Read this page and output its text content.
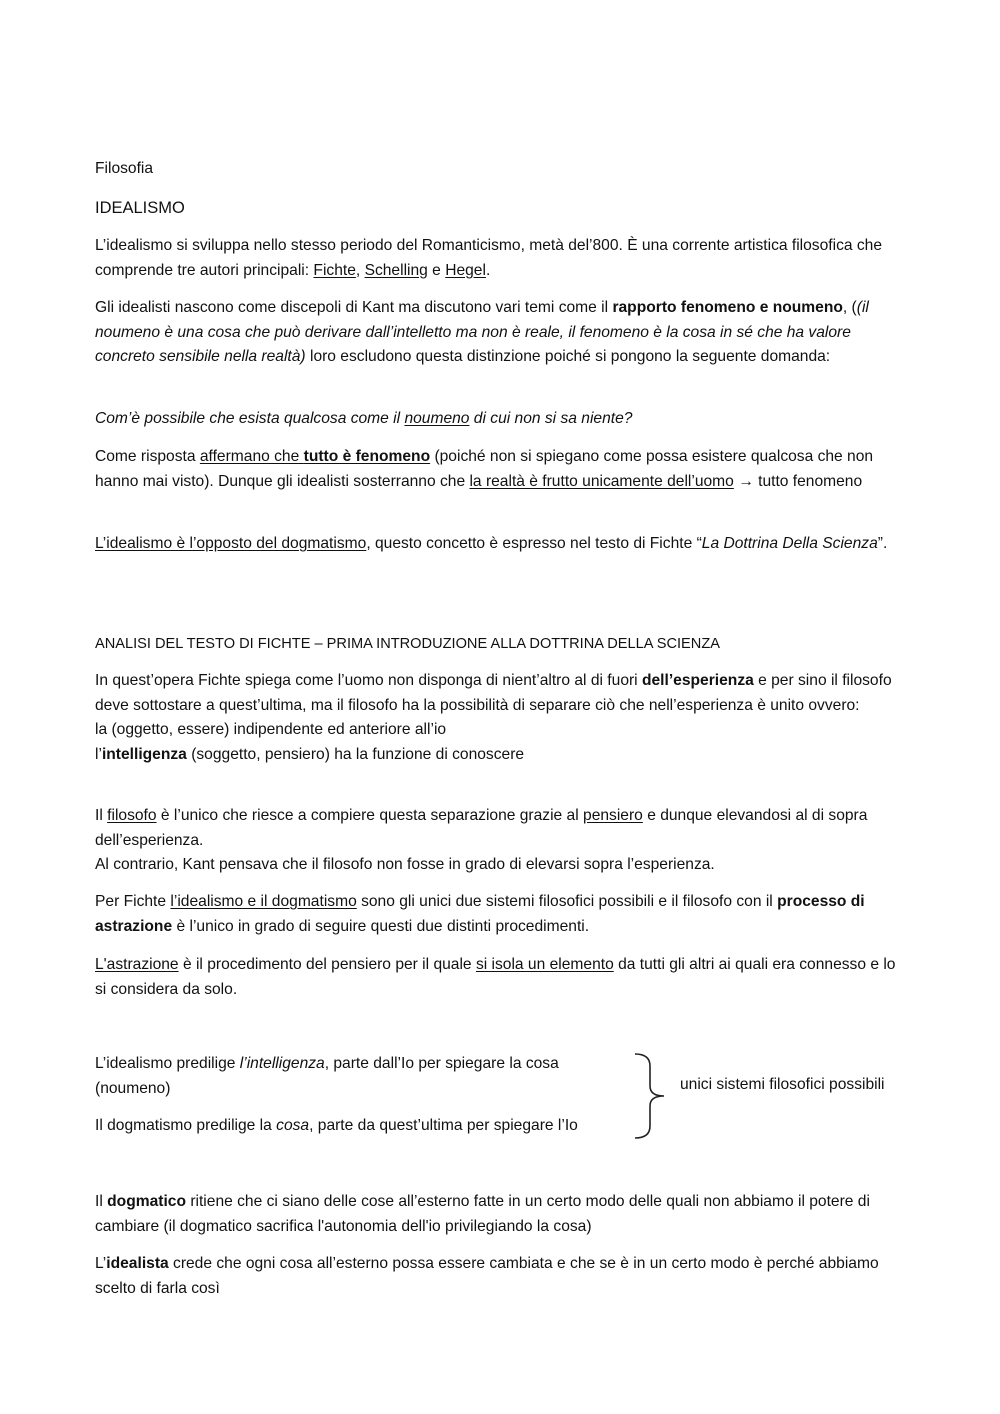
Filosofia

IDEALISMO

L’idealismo si sviluppa nello stesso periodo del Romanticismo, metà del’800. È una corrente artistica filosofica che comprende tre autori principali: Fichte, Schelling e Hegel.

Gli idealisti nascono come discepoli di Kant ma discutono vari temi come il rapporto fenomeno e noumeno, ((il noumeno è una cosa che può derivare dall’intelletto ma non è reale, il fenomeno è la cosa in sé che ha valore concreto sensibile nella realtà) loro escludono questa distinzione poiché si pongono la seguente domanda:

Com’è possibile che esista qualcosa come il noumeno di cui non si sa niente?

Come risposta affermano che tutto è fenomeno (poiché non si spiegano come possa esistere qualcosa che non hanno mai visto). Dunque gli idealisti sosterranno che la realtà è frutto unicamente dell’uomo → tutto fenomeno

L’idealismo è l’opposto del dogmatismo, questo concetto è espresso nel testo di Fichte “La Dottrina Della Scienza”.

ANALISI DEL TESTO DI FICHTE – PRIMA INTRODUZIONE ALLA DOTTRINA DELLA SCIENZA

In quest’opera Fichte spiega come l’uomo non disponga di nient’altro al di fuori dell’esperienza e per sino il filosofo deve sottostare a quest’ultima, ma il filosofo ha la possibilità di separare ciò che nell’esperienza è unito ovvero:
la (oggetto, essere) indipendente ed anteriore all’io
l’intelligenza (soggetto, pensiero) ha la funzione di conoscere
Il filosofo è l’unico che riesce a compiere questa separazione grazie al pensiero e dunque elevandosi al di sopra dell’esperienza.
Al contrario, Kant pensava che il filosofo non fosse in grado di elevarsi sopra l’esperienza.

Per Fichte l’idealismo e il dogmatismo sono gli unici due sistemi filosofici possibili e il filosofo con il processo di astrazione è l’unico in grado di seguire questi due distinti procedimenti.

L'astrazione è il procedimento del pensiero per il quale si isola un elemento da tutti gli altri ai quali era connesso e lo si considera da solo.

L’idealismo predilige l’intelligenza, parte dall’Io per spiegare la cosa (noumeno)

Il dogmatismo predilige la cosa, parte da quest’ultima per spiegare l’Io

unici sistemi filosofici possibili

Il dogmatico ritiene che ci siano delle cose all’esterno fatte in un certo modo delle quali non abbiamo il potere di cambiare (il dogmatico sacrifica l'autonomia dell'io privilegiando la cosa)

L’idealista crede che ogni cosa all’esterno possa essere cambiata e che se è in un certo modo è perché abbiamo scelto di farla così
